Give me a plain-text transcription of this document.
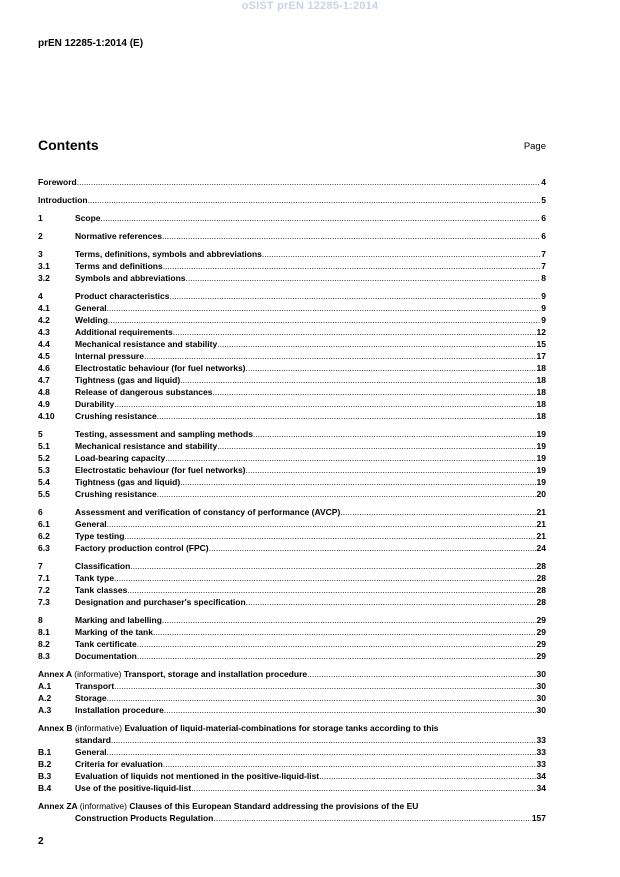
oSIST prEN 12285-1:2014
prEN 12285-1:2014 (E)
Contents	Page
Foreword .....	4
Introduction .....	5
1	Scope .....	6
2	Normative references .....	6
3	Terms, definitions, symbols and abbreviations .....	7
3.1	Terms and definitions .....	7
3.2	Symbols and abbreviations .....	8
4	Product characteristics .....	9
4.1	General .....	9
4.2	Welding .....	9
4.3	Additional requirements .....	12
4.4	Mechanical resistance and stability .....	15
4.5	Internal pressure .....	17
4.6	Electrostatic behaviour (for fuel networks) .....	18
4.7	Tightness (gas and liquid) .....	18
4.8	Release of dangerous substances .....	18
4.9	Durability .....	18
4.10	Crushing resistance .....	18
5	Testing, assessment and sampling methods .....	19
5.1	Mechanical resistance and stability .....	19
5.2	Load-bearing capacity .....	19
5.3	Electrostatic behaviour (for fuel networks) .....	19
5.4	Tightness (gas and liquid) .....	19
5.5	Crushing resistance .....	20
6	Assessment and verification of constancy of performance (AVCP) .....	21
6.1	General .....	21
6.2	Type testing .....	21
6.3	Factory production control (FPC) .....	24
7	Classification .....	28
7.1	Tank type .....	28
7.2	Tank classes .....	28
7.3	Designation and purchaser's specification .....	28
8	Marking and labelling .....	29
8.1	Marking of the tank .....	29
8.2	Tank certificate .....	29
8.3	Documentation .....	29
Annex A (informative) Transport, storage and installation procedure .....	30
A.1	Transport .....	30
A.2	Storage .....	30
A.3	Installation procedure .....	30
Annex B (informative) Evaluation of liquid-material-combinations for storage tanks according to this
standard .....	33
B.1	General .....	33
B.2	Criteria for evaluation .....	33
B.3	Evaluation of liquids not mentioned in the positive-liquid-list .....	34
B.4	Use of the positive-liquid-list .....	34
Annex ZA (informative) Clauses of this European Standard addressing the provisions of the EU
Construction Products Regulation .....	157
2
